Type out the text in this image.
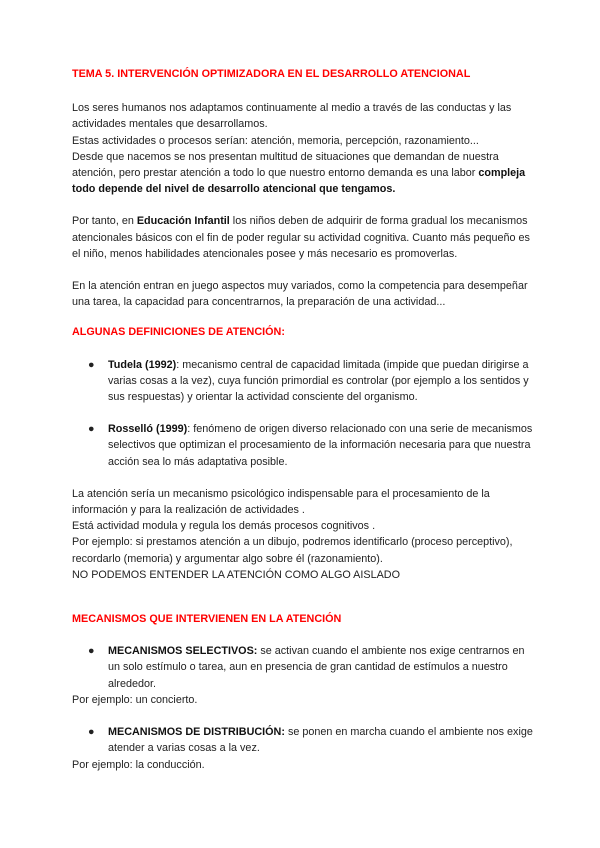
TEMA 5. INTERVENCIÓN OPTIMIZADORA EN EL DESARROLLO ATENCIONAL

Los seres humanos nos adaptamos continuamente al medio a través de las conductas y las actividades mentales que desarrollamos.
Estas actividades o procesos serían: atención, memoria, percepción, razonamiento...
Desde que nacemos se nos presentan multitud de situaciones que demandan de nuestra atención, pero prestar atención a todo lo que nuestro entorno demanda es una labor compleja todo depende del nivel de desarrollo atencional que tengamos.

Por tanto, en Educación Infantil los niños deben de adquirir de forma gradual los mecanismos atencionales básicos con el fin de poder regular su actividad cognitiva. Cuanto más pequeño es el niño, menos habilidades atencionales posee y más necesario es promoverlas.

En la atención entran en juego aspectos muy variados, como la competencia para desempeñar una tarea, la capacidad para concentrarnos, la preparación de una actividad...

ALGUNAS DEFINICIONES DE ATENCIÓN:

● Tudela (1992): mecanismo central de capacidad limitada (impide que puedan dirigirse a varias cosas a la vez), cuya función primordial es controlar (por ejemplo a los sentidos y sus respuestas) y orientar la actividad consciente del organismo.
● Rosselló (1999): fenómeno de origen diverso relacionado con una serie de mecanismos selectivos que optimizan el procesamiento de la información necesaria para que nuestra acción sea lo más adaptativa posible.

La atención sería un mecanismo psicológico indispensable para el procesamiento de la información y para la realización de actividades .
Está actividad modula y regula los demás procesos cognitivos .
Por ejemplo: si prestamos atención a un dibujo, podremos identificarlo (proceso perceptivo), recordarlo (memoria) y argumentar algo sobre él (razonamiento).
NO PODEMOS ENTENDER LA ATENCIÓN COMO ALGO AISLADO

MECANISMOS QUE INTERVIENEN EN LA ATENCIÓN

● MECANISMOS SELECTIVOS: se activan cuando el ambiente nos exige centrarnos en un solo estímulo o tarea, aun en presencia de gran cantidad de estímulos a nuestro alrededor.

Por ejemplo: un concierto.

● MECANISMOS DE DISTRIBUCIÓN: se ponen en marcha cuando el ambiente nos exige atender a varias cosas a la vez.

Por ejemplo: la conducción.
